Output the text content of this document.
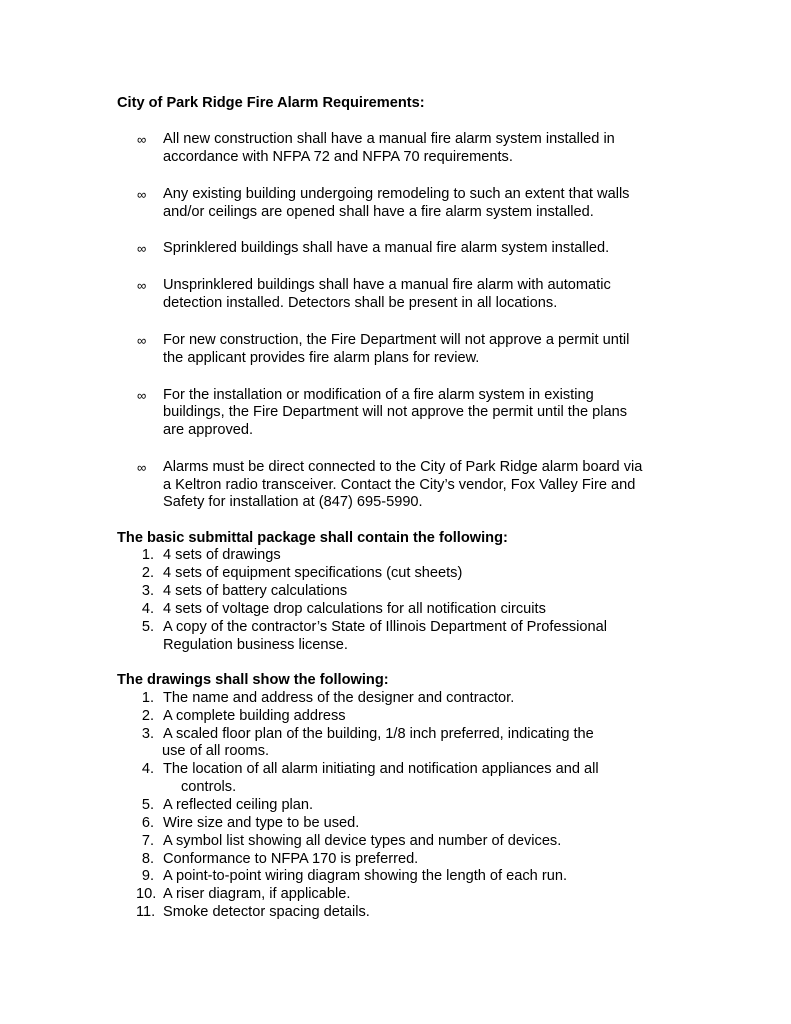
City of Park Ridge Fire Alarm Requirements:
∞ All new construction shall have a manual fire alarm system installed in
accordance with NFPA 72 and NFPA 70 requirements.
∞ Any existing building undergoing remodeling to such an extent that walls
and/or ceilings are opened shall have a fire alarm system installed.
∞ Sprinklered buildings shall have a manual fire alarm system installed.
∞ Unsprinklered buildings shall have a manual fire alarm with automatic
detection installed. Detectors shall be present in all locations.
∞ For new construction, the Fire Department will not approve a permit until
the applicant provides fire alarm plans for review.
∞ For the installation or modification of a fire alarm system in existing
buildings, the Fire Department will not approve the permit until the plans
are approved.
∞ Alarms must be direct connected to the City of Park Ridge alarm board via
a Keltron radio transceiver. Contact the City’s vendor, Fox Valley Fire and
Safety for installation at (847) 695-5990.
The basic submittal package shall contain the following:
1. 4 sets of drawings
2. 4 sets of equipment specifications (cut sheets)
3. 4 sets of battery calculations
4. 4 sets of voltage drop calculations for all notification circuits
5. A copy of the contractor’s State of Illinois Department of Professional
Regulation business license.
The drawings shall show the following:
1. The name and address of the designer and contractor.
2. A complete building address
3. A scaled floor plan of the building, 1/8 inch preferred, indicating the
use of all rooms.
4. The location of all alarm initiating and notification appliances and all
controls.
5. A reflected ceiling plan.
6. Wire size and type to be used.
7. A symbol list showing all device types and number of devices.
8. Conformance to NFPA 170 is preferred.
9. A point-to-point wiring diagram showing the length of each run.
10. A riser diagram, if applicable.
11. Smoke detector spacing details.
